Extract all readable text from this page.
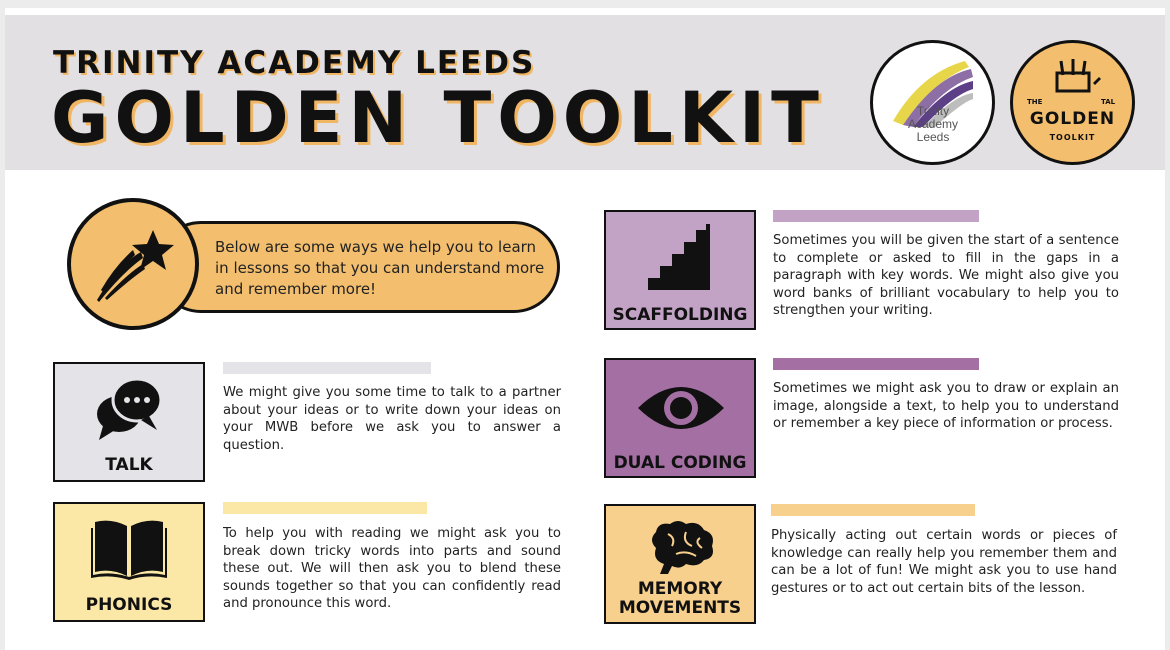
TRINITY ACADEMY LEEDS
GOLDEN TOOLKIT	Trinity
Academy
Leeds
THE	TAL
GOLDEN
TOOLKIT
Below are some ways we help you to learn in lessons so that you can understand more and remember more!
TALK
We might give you some time to talk to a partner about your ideas or to write down your ideas on your MWB before we ask you to answer a question.
PHONICS
To help you with reading we might ask you to break down tricky words into parts and sound these out. We will then ask you to blend these sounds together so that you can confidently read and pronounce this word.
SCAFFOLDING
Sometimes you will be given the start of a sentence to complete or asked to fill in the gaps in a paragraph with key words. We might also give you word banks of brilliant vocabulary to help you to strengthen your writing.
DUAL CODING
Sometimes we might ask you to draw or explain an image, alongside a text, to help you to understand or remember a key piece of information or process.
MEMORY
MOVEMENTS
Physically acting out certain words or pieces of knowledge can really help you remember them and can be a lot of fun! We might ask you to use hand gestures or to act out certain bits of the lesson.
